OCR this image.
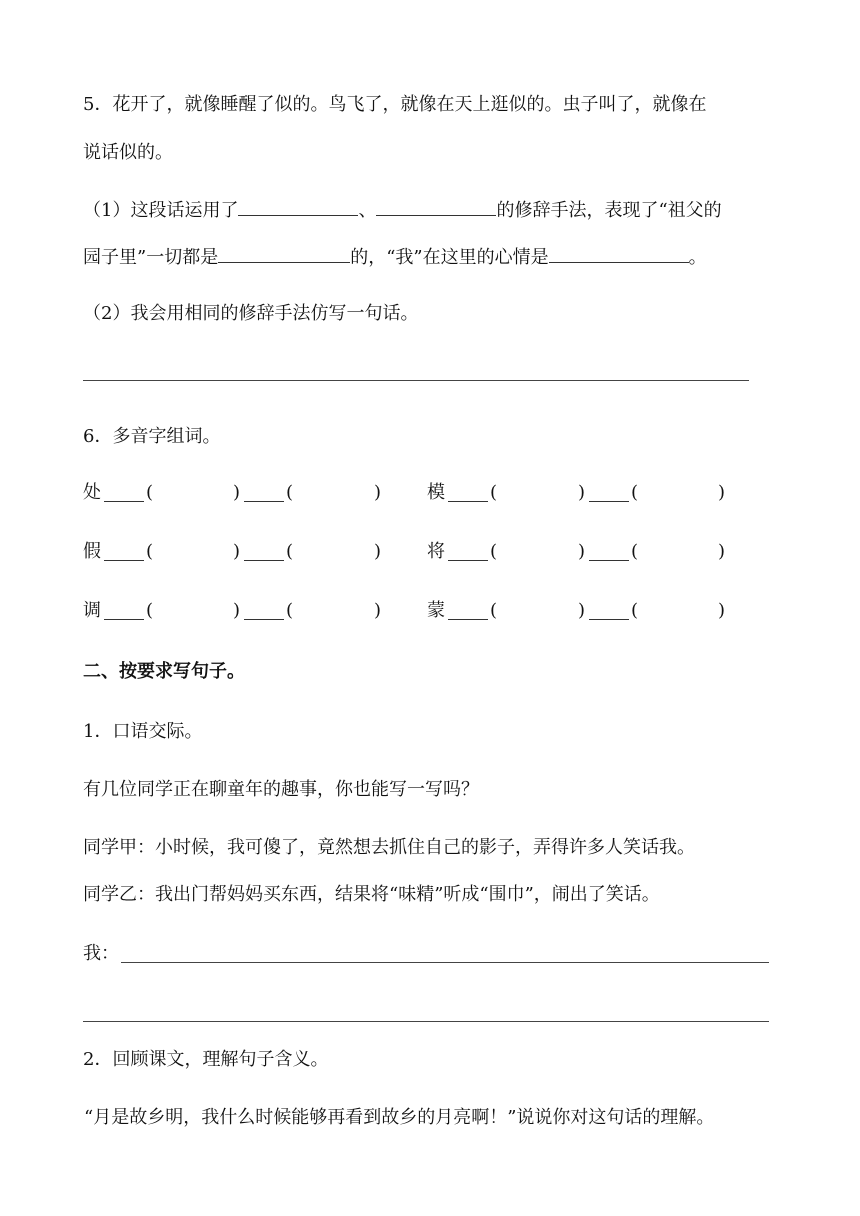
5．花开了，就像睡醒了似的。鸟飞了，就像在天上逛似的。虫子叫了，就像在
说话似的。
（1）这段话运用了	、	的修辞手法，表现了“祖父的
园子里”一切都是	的，“我”在这里的心情是	。
（2）我会用相同的修辞手法仿写一句话。
6．多音字组词。
处	(	)	(	)	模	(	)	(	)
假	(	)	(	)	将	(	)	(	)
调	(	)	(	)	蒙	(	)	(	)
二、按要求写句子。
1．口语交际。
有几位同学正在聊童年的趣事，你也能写一写吗？
同学甲：小时候，我可傻了，竟然想去抓住自己的影子，弄得许多人笑话我。
同学乙：我出门帮妈妈买东西，结果将“味精”听成“围巾”，闹出了笑话。
我：
2．回顾课文，理解句子含义。
“月是故乡明，我什么时候能够再看到故乡的月亮啊！”说说你对这句话的理解。
